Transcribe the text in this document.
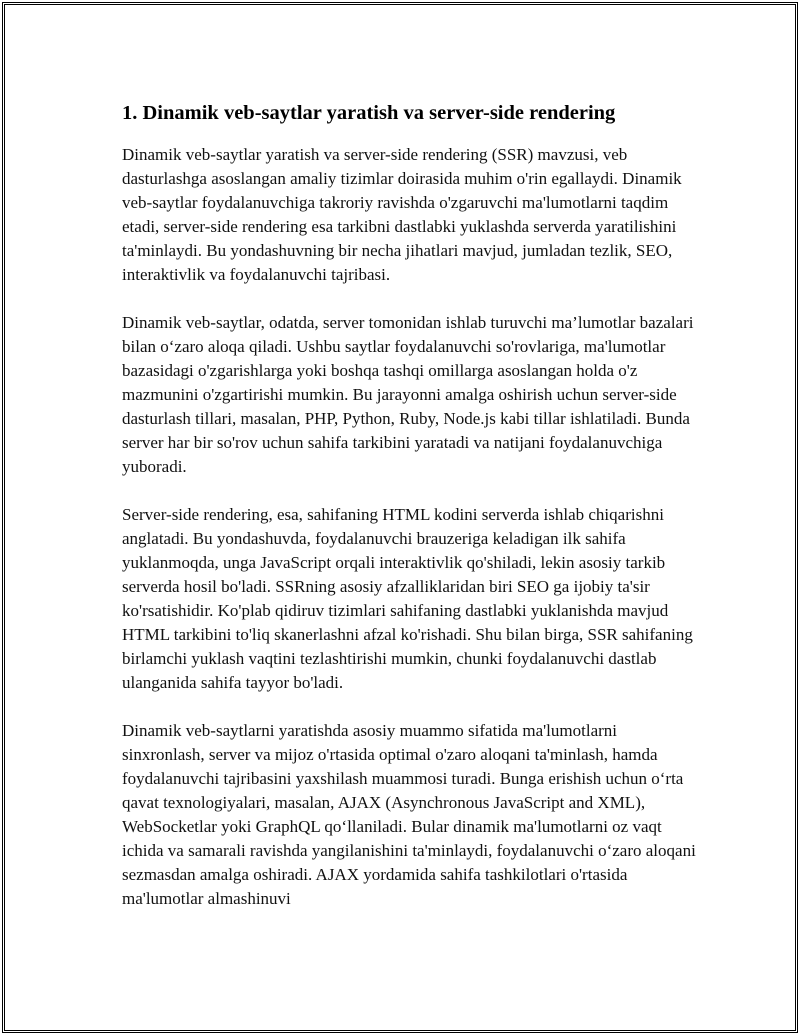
1. Dinamik veb-saytlar yaratish va server-side rendering

Dinamik veb-saytlar yaratish va server-side rendering (SSR) mavzusi, veb dasturlashga asoslangan amaliy tizimlar doirasida muhim o'rin egallaydi. Dinamik veb-saytlar foydalanuvchiga takroriy ravishda o'zgaruvchi ma'lumotlarni taqdim etadi, server-side rendering esa tarkibni dastlabki yuklashda serverda yaratilishini ta'minlaydi. Bu yondashuvning bir necha jihatlari mavjud, jumladan tezlik, SEO, interaktivlik va foydalanuvchi tajribasi.

Dinamik veb-saytlar, odatda, server tomonidan ishlab turuvchi ma’lumotlar bazalari bilan o‘zaro aloqa qiladi. Ushbu saytlar foydalanuvchi so'rovlariga, ma'lumotlar bazasidagi o'zgarishlarga yoki boshqa tashqi omillarga asoslangan holda o'z mazmunini o'zgartirishi mumkin. Bu jarayonni amalga oshirish uchun server-side dasturlash tillari, masalan, PHP, Python, Ruby, Node.js kabi tillar ishlatiladi. Bunda server har bir so'rov uchun sahifa tarkibini yaratadi va natijani foydalanuvchiga yuboradi.

Server-side rendering, esa, sahifaning HTML kodini serverda ishlab chiqarishni anglatadi. Bu yondashuvda, foydalanuvchi brauzeriga keladigan ilk sahifa yuklanmoqda, unga JavaScript orqali interaktivlik qo'shiladi, lekin asosiy tarkib serverda hosil bo'ladi. SSRning asosiy afzalliklaridan biri SEO ga ijobiy ta'sir ko'rsatishidir. Ko'plab qidiruv tizimlari sahifaning dastlabki yuklanishda mavjud HTML tarkibini to'liq skanerlashni afzal ko'rishadi. Shu bilan birga, SSR sahifaning birlamchi yuklash vaqtini tezlashtirishi mumkin, chunki foydalanuvchi dastlab ulanganida sahifa tayyor bo'ladi.

Dinamik veb-saytlarni yaratishda asosiy muammo sifatida ma'lumotlarni sinxronlash, server va mijoz o'rtasida optimal o'zaro aloqani ta'minlash, hamda foydalanuvchi tajribasini yaxshilash muammosi turadi. Bunga erishish uchun o‘rta qavat texnologiyalari, masalan, AJAX (Asynchronous JavaScript and XML), WebSocketlar yoki GraphQL qo‘llaniladi. Bular dinamik ma'lumotlarni oz vaqt ichida va samarali ravishda yangilanishini ta'minlaydi, foydalanuvchi o‘zaro aloqani sezmasdan amalga oshiradi. AJAX yordamida sahifa tashkilotlari o'rtasida ma'lumotlar almashinuvi
